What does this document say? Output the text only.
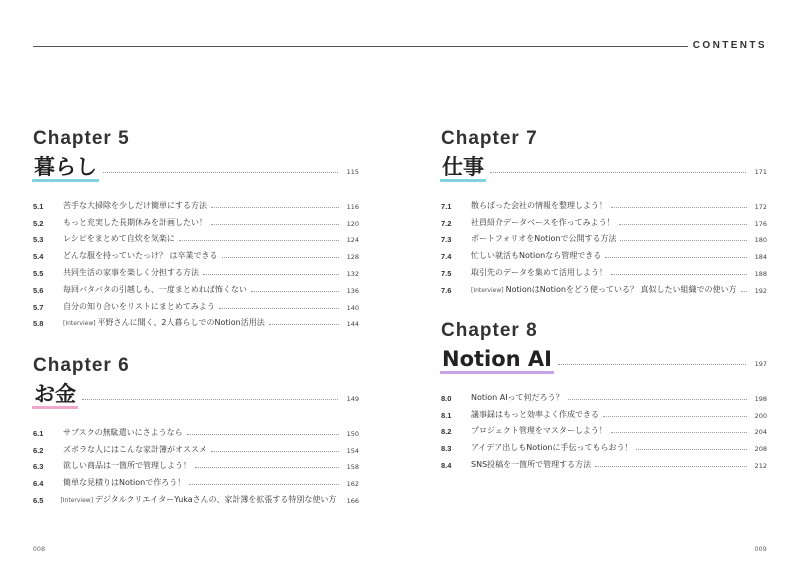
CONTENTS
Chapter 5
暮らし	115
5.1	苦手な大掃除を少しだけ簡単にする方法	116
5.2	もっと充実した長期休みを計画したい！	120
5.3	レシピをまとめて自炊を気楽に	124
5.4	どんな服を持っていたっけ？ は卒業できる	128
5.5	共同生活の家事を楽しく分担する方法	132
5.6	毎回バタバタの引越しも、一度まとめれば怖くない	136
5.7	自分の知り合いをリストにまとめてみよう	140
5.8	[Interview] 平野さんに聞く、2人暮らしでのNotion活用法	144
Chapter 6
お金	149
6.1	サブスクの無駄遣いにさようなら	150
6.2	ズボラな人にはこんな家計簿がオススメ	154
6.3	欲しい商品は一箇所で管理しよう！	158
6.4	簡単な見積りはNotionで作ろう！	162
6.5	[Interview] デジタルクリエイターYukaさんの、家計簿を拡張する特別な使い方	166
Chapter 7
仕事	171
7.1	散らばった会社の情報を整理しよう！	172
7.2	社員紹介データベースを作ってみよう！	176
7.3	ポートフォリオをNotionで公開する方法	180
7.4	忙しい就活もNotionなら管理できる	184
7.5	取引先のデータを集めて活用しよう！	188
7.6	[Interview] NotionはNotionをどう使っている？ 真似したい組織での使い方	192
Chapter 8
Notion AI	197
8.0	Notion AIって何だろう？	198
8.1	議事録はもっと効率よく作成できる	200
8.2	プロジェクト管理をマスターしよう！	204
8.3	アイデア出しもNotionに手伝ってもらおう！	208
8.4	SNS投稿を一箇所で管理する方法	212
008	009
